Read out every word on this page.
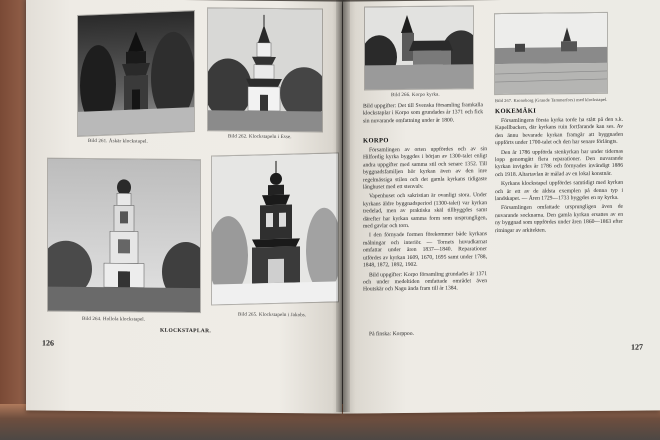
Bild 261. Åskär klockstapel.
Bild 262. Klockstapeln i Esse.
Bild 264. Hollola klockstapel.
Bild 265. Klockstapeln i Jakobs.
KLOCKSTAPLAR.
126
Bild 266. Korpo kyrka.
Bild 267. Kronoborg (Grande Tammerfors) med klockstapel.
Bild uppgifter: Det till Svenska församling framkalla klockstaplar i Korpo som grundades år 1371 och fick sin nuvarande omfattning under år 1800.
KORPO

Församlingen av orten uppfördes och av sin Hilfordig kyrka byggdes i början av 1300-talet enligt andra uppgifter med samma stil och senare 1352. Till byggnadsfamiljen hör kyrkan även av den inre regelmässiga stilen och det gamla kyrkans tidigaste långhuset med ett stenvalv.

Vapenhuset och sakristian är ovanligt stora. Under kyrkans äldre byggnadsperiod (1300-talet) var kyrkan tredelad, men av praktiska skäl tillbyggdes samt därefter har kyrkan samma form som ursprungligen, med gavlar och torn.

I den förnyade formen förekommer både kyrkans målningar och interiör. — Tornets huvudkarnat omfattar under åren 1837—1840. Reparationer utfördes av kyrkan 1609, 1670, 1695 samt under 1788, 1848, 1872, 1892, 1902.

Bild uppgifter: Korpo församling grundades år 1371 och under medeltiden omfattade området även Houtskär och Nagu ända fram till år 1384.

På finska: Korppoo.
KOKEMÄKI

Församlingens första kyrka torde ha stått på den s.k. Kapellbacken, där kyrkans ruin fortfarande kan ses. Av den ännu bevarade kyrkan framgår att byggnaden uppförts under 1700-talet och den har senare förlängts.

Den år 1786 uppförda stenkyrkan har under tidernas lopp genomgått flera reparationer. Den nuvarande kyrkan invigdes år 1786 och förnyades invändigt 1886 och 1918. Altartavlan är målad av en lokal konstnär.

Kyrkans klockstapel uppfördes samtidigt med kyrkan och är ett av de äldsta exemplen på denna typ i landskapet. — Åren 1729—1733 byggdes en ny kyrka.

Församlingen omfattade ursprungligen även de nuvarande socknarna. Den gamla kyrkan ersattes av en ny byggnad som uppfördes under åren 1860—1863 efter ritningar av arkitekten.

127
